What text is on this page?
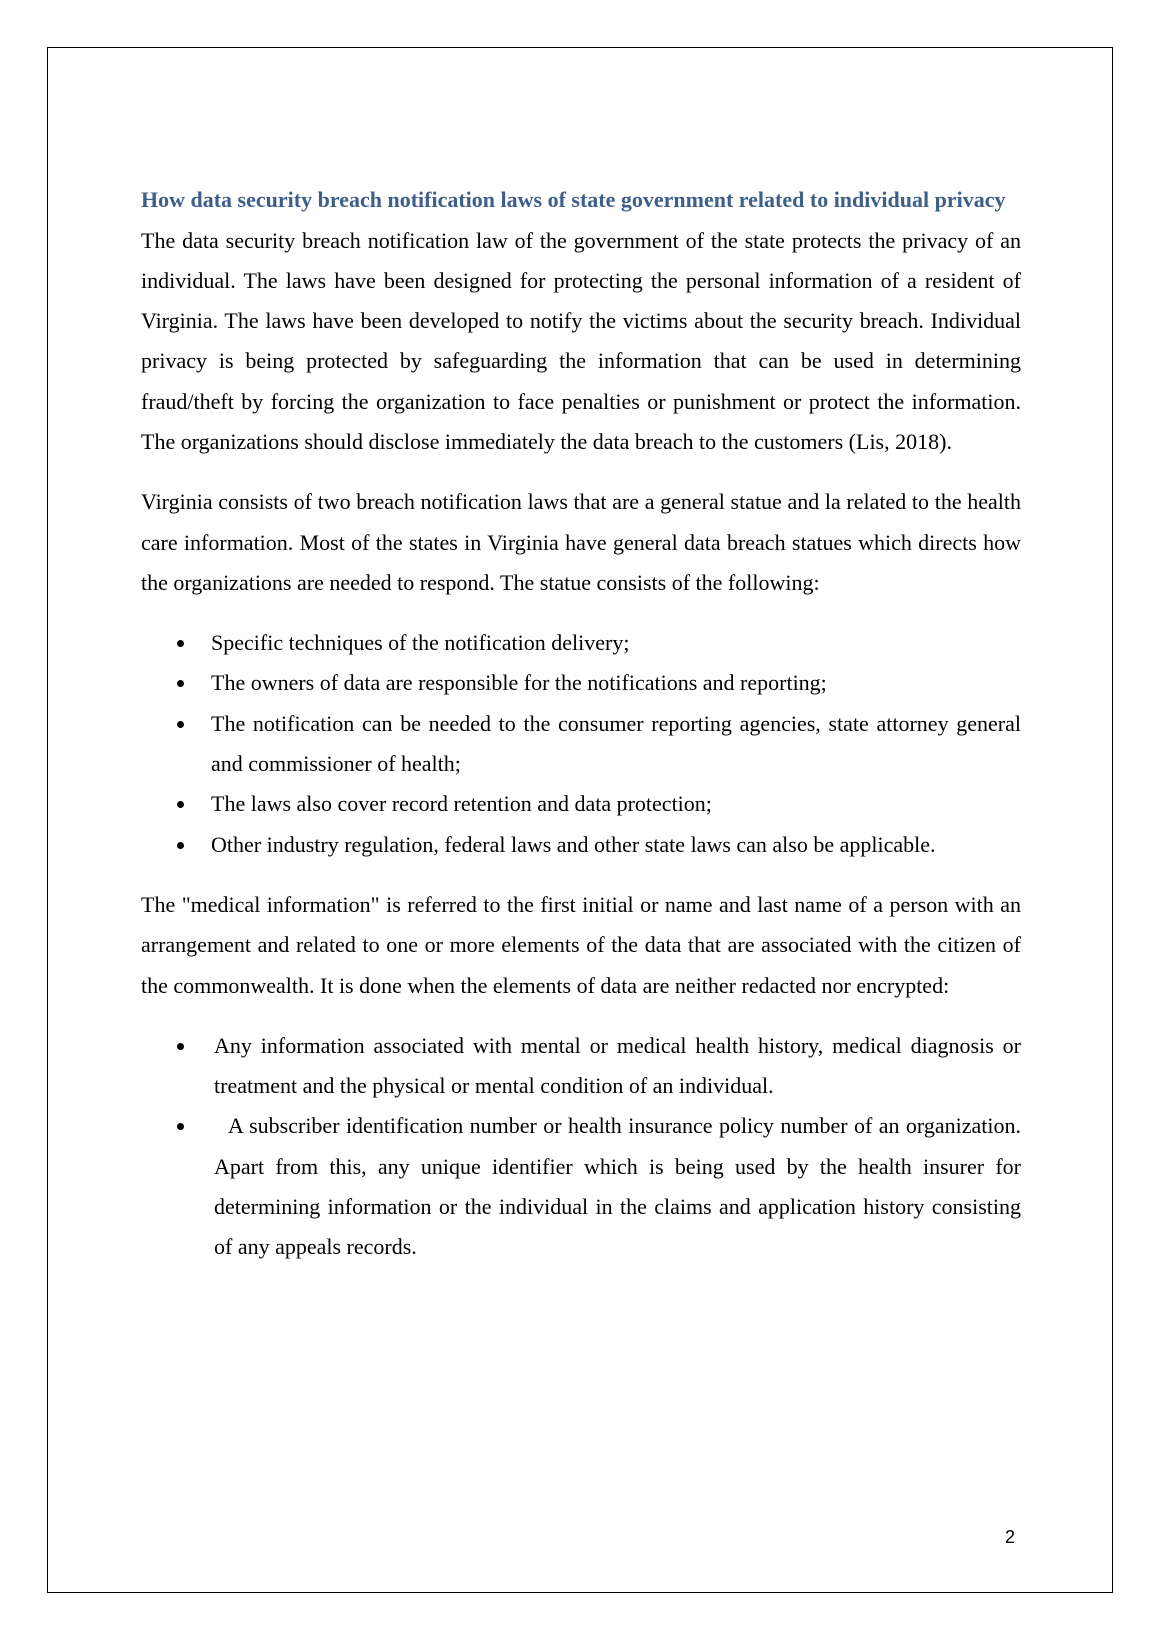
How data security breach notification laws of state government related to individual privacy

The data security breach notification law of the government of the state protects the privacy of an individual. The laws have been designed for protecting the personal information of a resident of Virginia. The laws have been developed to notify the victims about the security breach. Individual privacy is being protected by safeguarding the information that can be used in determining fraud/theft by forcing the organization to face penalties or punishment or protect the information. The organizations should disclose immediately the data breach to the customers (Lis, 2018).

Virginia consists of two breach notification laws that are a general statue and la related to the health care information. Most of the states in Virginia have general data breach statues which directs how the organizations are needed to respond. The statue consists of the following:

Specific techniques of the notification delivery;
The owners of data are responsible for the notifications and reporting;
The notification can be needed to the consumer reporting agencies, state attorney general and commissioner of health;
The laws also cover record retention and data protection;
Other industry regulation, federal laws and other state laws can also be applicable.

The "medical information" is referred to the first initial or name and last name of a person with an arrangement and related to one or more elements of the data that are associated with the citizen of the commonwealth. It is done when the elements of data are neither redacted nor encrypted:

Any information associated with mental or medical health history, medical diagnosis or treatment and the physical or mental condition of an individual.
A subscriber identification number or health insurance policy number of an organization. Apart from this, any unique identifier which is being used by the health insurer for determining information or the individual in the claims and application history consisting of any appeals records.
2
